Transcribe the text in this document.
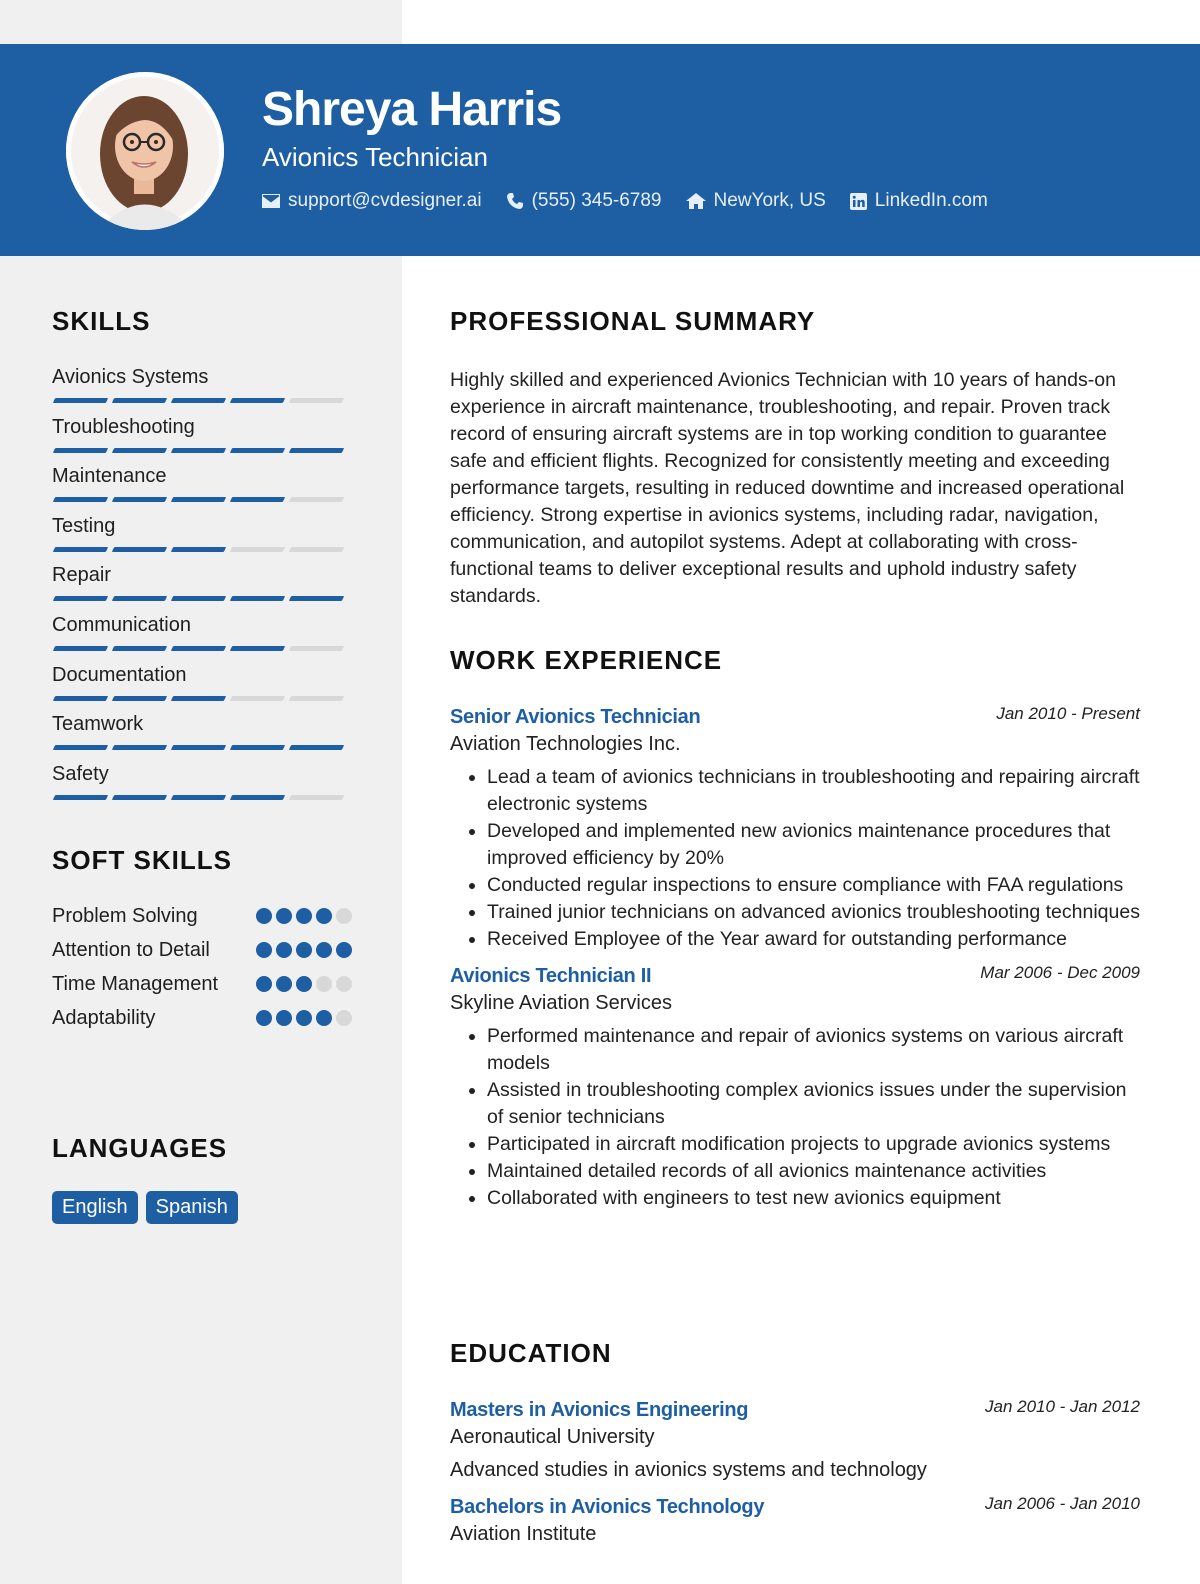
Shreya Harris
Avionics Technician
support@cvdesigner.ai	(555) 345-6789	NewYork, US	LinkedIn.com
SKILLS
Avionics Systems
Troubleshooting
Maintenance
Testing
Repair
Communication
Documentation
Teamwork
Safety
SOFT SKILLS
Problem Solving
Attention to Detail
Time Management
Adaptability
LANGUAGES
English	Spanish
PROFESSIONAL SUMMARY

Highly skilled and experienced Avionics Technician with 10 years of hands-on experience in aircraft maintenance, troubleshooting, and repair. Proven track record of ensuring aircraft systems are in top working condition to guarantee safe and efficient flights. Recognized for consistently meeting and exceeding performance targets, resulting in reduced downtime and increased operational efficiency. Strong expertise in avionics systems, including radar, navigation, communication, and autopilot systems. Adept at collaborating with cross-functional teams to deliver exceptional results and uphold industry safety standards.

WORK EXPERIENCE
Senior Avionics Technician	Jan 2010 - Present
Aviation Technologies Inc.
• Lead a team of avionics technicians in troubleshooting and repairing aircraft electronic systems
• Developed and implemented new avionics maintenance procedures that improved efficiency by 20%
• Conducted regular inspections to ensure compliance with FAA regulations
• Trained junior technicians on advanced avionics troubleshooting techniques
• Received Employee of the Year award for outstanding performance
Avionics Technician II	Mar 2006 - Dec 2009
Skyline Aviation Services
• Performed maintenance and repair of avionics systems on various aircraft models
• Assisted in troubleshooting complex avionics issues under the supervision of senior technicians
• Participated in aircraft modification projects to upgrade avionics systems
• Maintained detailed records of all avionics maintenance activities
• Collaborated with engineers to test new avionics equipment
EDUCATION
Masters in Avionics Engineering	Jan 2010 - Jan 2012
Aeronautical University
Advanced studies in avionics systems and technology
Bachelors in Avionics Technology	Jan 2006 - Jan 2010
Aviation Institute
